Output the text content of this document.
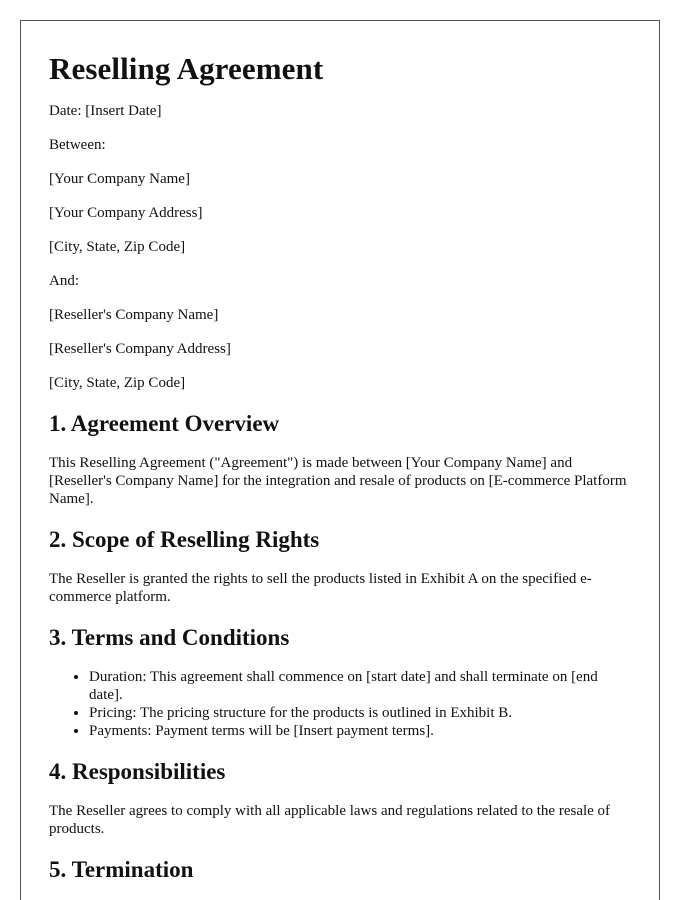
Reselling Agreement

Date: [Insert Date]

Between:

[Your Company Name]

[Your Company Address]

[City, State, Zip Code]

And:

[Reseller's Company Name]

[Reseller's Company Address]

[City, State, Zip Code]

1. Agreement Overview

This Reselling Agreement ("Agreement") is made between [Your Company Name] and [Reseller's Company Name] for the integration and resale of products on [E-commerce Platform Name].

2. Scope of Reselling Rights

The Reseller is granted the rights to sell the products listed in Exhibit A on the specified e-commerce platform.

3. Terms and Conditions
• Duration: This agreement shall commence on [start date] and shall terminate on [end date].
• Pricing: The pricing structure for the products is outlined in Exhibit B.
• Payments: Payment terms will be [Insert payment terms].
4. Responsibilities

The Reseller agrees to comply with all applicable laws and regulations related to the resale of products.

5. Termination
